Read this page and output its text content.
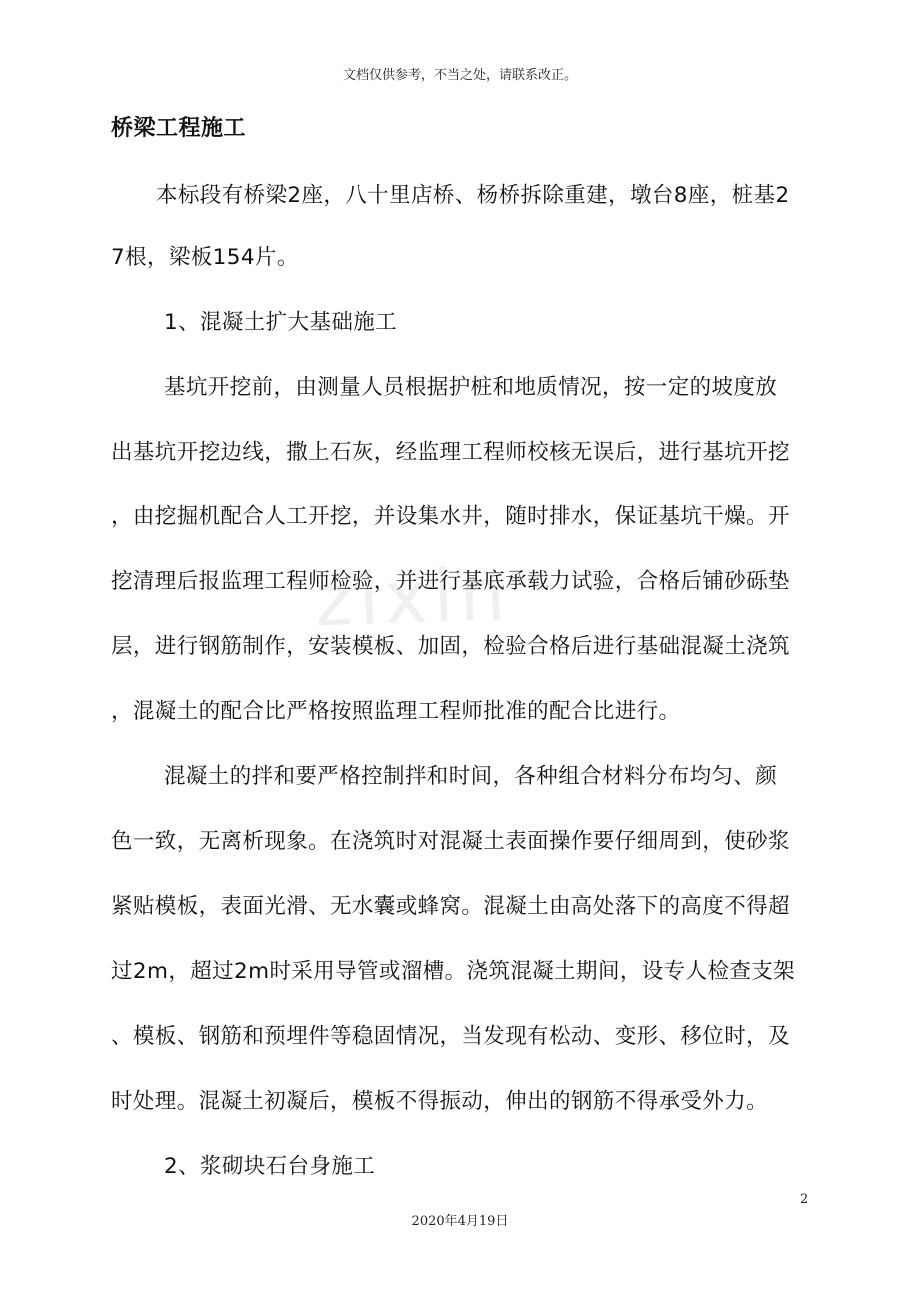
文档仅供参考，不当之处，请联系改正。
zixin
桥梁工程施工
本标段有桥梁2座，八十里店桥、杨桥拆除重建，墩台8座，桩基2
7根，梁板154片。
1、混凝土扩大基础施工
基坑开挖前，由测量人员根据护桩和地质情况，按一定的坡度放
出基坑开挖边线，撒上石灰，经监理工程师校核无误后，进行基坑开挖
，由挖掘机配合人工开挖，并设集水井，随时排水，保证基坑干燥。开
挖清理后报监理工程师检验，并进行基底承载力试验，合格后铺砂砾垫
层，进行钢筋制作，安装模板、加固，检验合格后进行基础混凝土浇筑
，混凝土的配合比严格按照监理工程师批准的配合比进行。
混凝土的拌和要严格控制拌和时间，各种组合材料分布均匀、颜
色一致，无离析现象。在浇筑时对混凝土表面操作要仔细周到，使砂浆
紧贴模板，表面光滑、无水囊或蜂窝。混凝土由高处落下的高度不得超
过2m，超过2m时采用导管或溜槽。浇筑混凝土期间，设专人检查支架
、模板、钢筋和预埋件等稳固情况，当发现有松动、变形、移位时，及
时处理。混凝土初凝后，模板不得振动，伸出的钢筋不得承受外力。
2、浆砌块石台身施工
2
2020年4月19日
